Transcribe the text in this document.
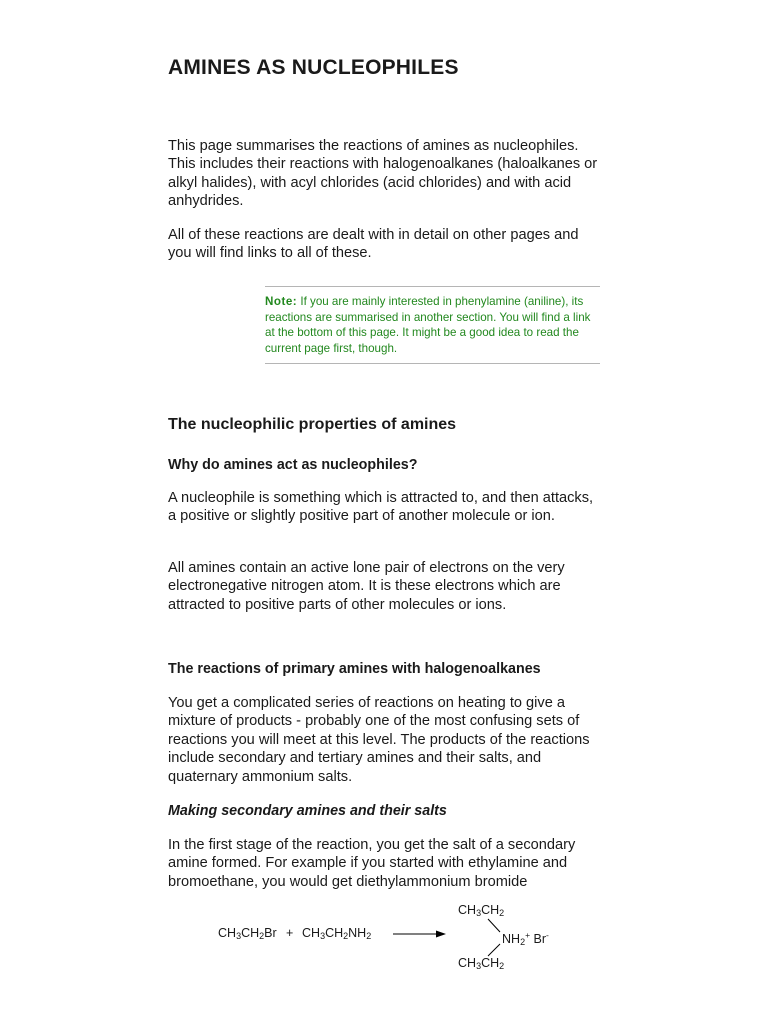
AMINES AS NUCLEOPHILES

This page summarises the reactions of amines as nucleophiles. This includes their reactions with halogenoalkanes (haloalkanes or alkyl halides), with acyl chlorides (acid chlorides) and with acid anhydrides.

All of these reactions are dealt with in detail on other pages and you will find links to all of these.

Note: If you are mainly interested in phenylamine (aniline), its reactions are summarised in another section. You will find a link at the bottom of this page. It might be a good idea to read the current page first, though.
The nucleophilic properties of amines
Why do amines act as nucleophiles?

A nucleophile is something which is attracted to, and then attacks, a positive or slightly positive part of another molecule or ion.

All amines contain an active lone pair of electrons on the very electronegative nitrogen atom. It is these electrons which are attracted to positive parts of other molecules or ions.

The reactions of primary amines with halogenoalkanes

You get a complicated series of reactions on heating to give a mixture of products - probably one of the most confusing sets of reactions you will meet at this level. The products of the reactions include secondary and tertiary amines and their salts, and quaternary ammonium salts.

Making secondary amines and their salts

In the first stage of the reaction, you get the salt of a secondary amine formed. For example if you started with ethylamine and bromoethane, you would get diethylammonium bromide

$CH_3CH_2Br + CH_3CH_2NH_2$
$CH_3CH_2$
$NH_2^+$ Br-
$CH_3CH_2$
